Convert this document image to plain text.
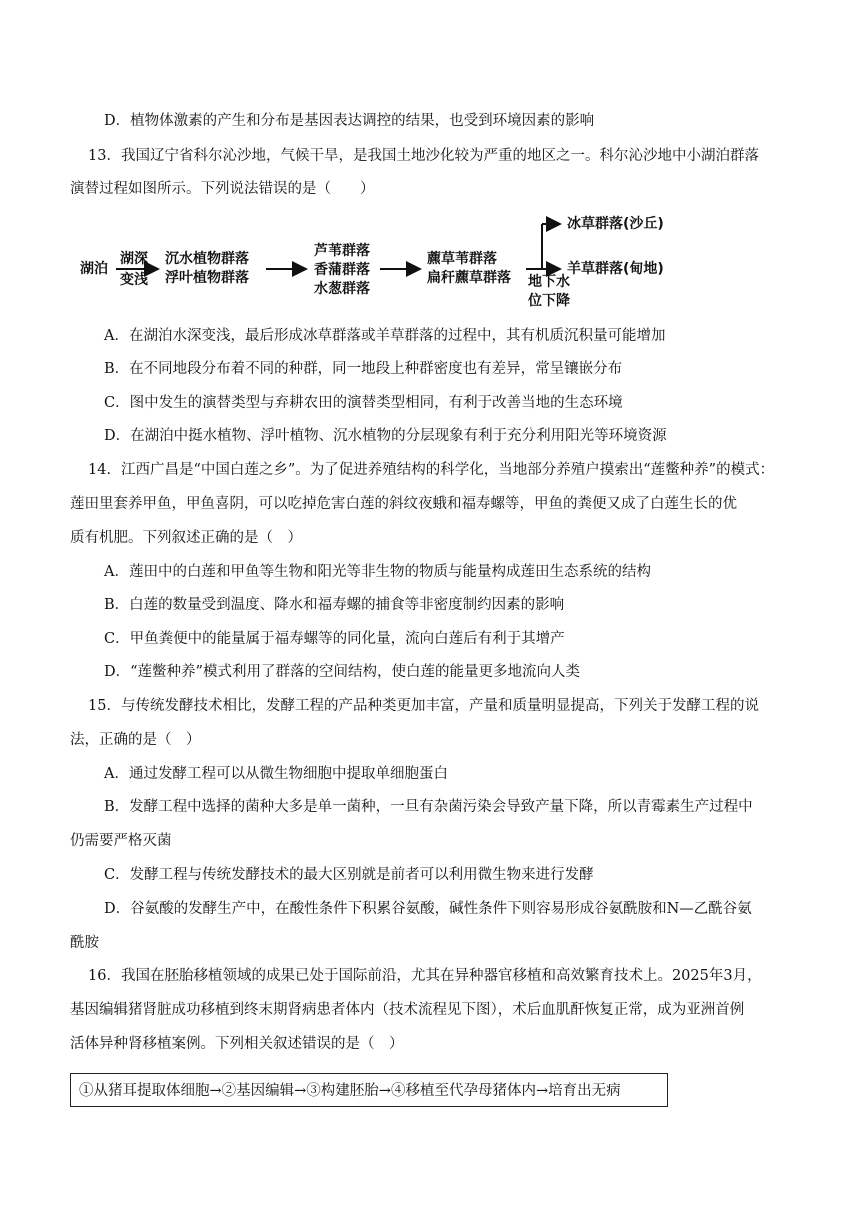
D．植物体激素的产生和分布是基因表达调控的结果，也受到环境因素的影响
13．我国辽宁省科尔沁沙地，气候干旱，是我国土地沙化较为严重的地区之一。科尔沁沙地中小湖泊群落
演替过程如图所示。下列说法错误的是（　　）
湖泊
湖深
变浅
沉水植物群落
浮叶植物群落
芦苇群落
香蒲群落
水葱群落
藨草苇群落
扁秆藨草群落 地下水
位下降
冰草群落(沙丘)
羊草群落(甸地)
A．在湖泊水深变浅，最后形成冰草群落或羊草群落的过程中，其有机质沉积量可能增加
B．在不同地段分布着不同的种群，同一地段上种群密度也有差异，常呈镶嵌分布
C．图中发生的演替类型与弃耕农田的演替类型相同，有利于改善当地的生态环境
D．在湖泊中挺水植物、浮叶植物、沉水植物的分层现象有利于充分利用阳光等环境资源
14．江西广昌是“中国白莲之乡”。为了促进养殖结构的科学化，当地部分养殖户摸索出“莲鳖种养”的模式：
莲田里套养甲鱼，甲鱼喜阴，可以吃掉危害白莲的斜纹夜蛾和福寿螺等，甲鱼的粪便又成了白莲生长的优
质有机肥。下列叙述正确的是（　）
A．莲田中的白莲和甲鱼等生物和阳光等非生物的物质与能量构成莲田生态系统的结构
B．白莲的数量受到温度、降水和福寿螺的捕食等非密度制约因素的影响
C．甲鱼粪便中的能量属于福寿螺等的同化量，流向白莲后有利于其增产
D．“莲鳖种养”模式利用了群落的空间结构，使白莲的能量更多地流向人类
15．与传统发酵技术相比，发酵工程的产品种类更加丰富，产量和质量明显提高，下列关于发酵工程的说
法，正确的是（　）
A．通过发酵工程可以从微生物细胞中提取单细胞蛋白
B．发酵工程中选择的菌种大多是单一菌种，一旦有杂菌污染会导致产量下降，所以青霉素生产过程中
仍需要严格灭菌
C．发酵工程与传统发酵技术的最大区别就是前者可以利用微生物来进行发酵
D．谷氨酸的发酵生产中，在酸性条件下积累谷氨酸，碱性条件下则容易形成谷氨酰胺和N—乙酰谷氨
酰胺
16．我国在胚胎移植领域的成果已处于国际前沿，尤其在异种器官移植和高效繁育技术上。2025年3月，
基因编辑猪肾脏成功移植到终末期肾病患者体内（技术流程见下图），术后血肌酐恢复正常，成为亚洲首例
活体异种肾移植案例。下列相关叙述错误的是（　）
①从猪耳提取体细胞→②基因编辑→③构建胚胎→④移植至代孕母猪体内→培育出无病
